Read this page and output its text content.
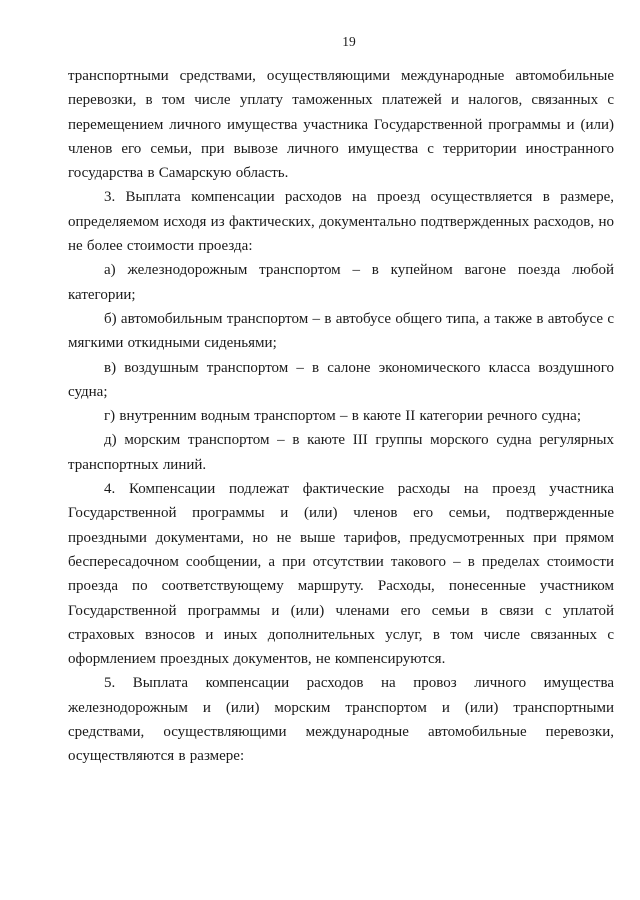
19

транспортными средствами, осуществляющими международные автомобильные перевозки, в том числе уплату таможенных платежей и налогов, связанных с перемещением личного имущества участника Государственной программы и (или) членов его семьи, при вывозе личного имущества с территории иностранного государства в Самарскую область.

3. Выплата компенсации расходов на проезд осуществляется в размере, определяемом исходя из фактических, документально подтвержденных расходов, но не более стоимости проезда:

а) железнодорожным транспортом – в купейном вагоне поезда любой категории;

б) автомобильным транспортом – в автобусе общего типа, а также в автобусе с мягкими откидными сиденьями;

в) воздушным транспортом – в салоне экономического класса воздушного судна;

г) внутренним водным транспортом – в каюте II категории речного судна;

д) морским транспортом – в каюте III группы морского судна регулярных транспортных линий.

4. Компенсации подлежат фактические расходы на проезд участника Государственной программы и (или) членов его семьи, подтвержденные проездными документами, но не выше тарифов, предусмотренных при прямом беспересадочном сообщении, а при отсутствии такового – в пределах стоимости проезда по соответствующему маршруту. Расходы, понесенные участником Государственной программы и (или) членами его семьи в связи с уплатой страховых взносов и иных дополнительных услуг, в том числе связанных с оформлением проездных документов, не компенсируются.

5. Выплата компенсации расходов на провоз личного имущества железнодорожным и (или) морским транспортом и (или) транспортными средствами, осуществляющими международные автомобильные перевозки, осуществляются в размере:
